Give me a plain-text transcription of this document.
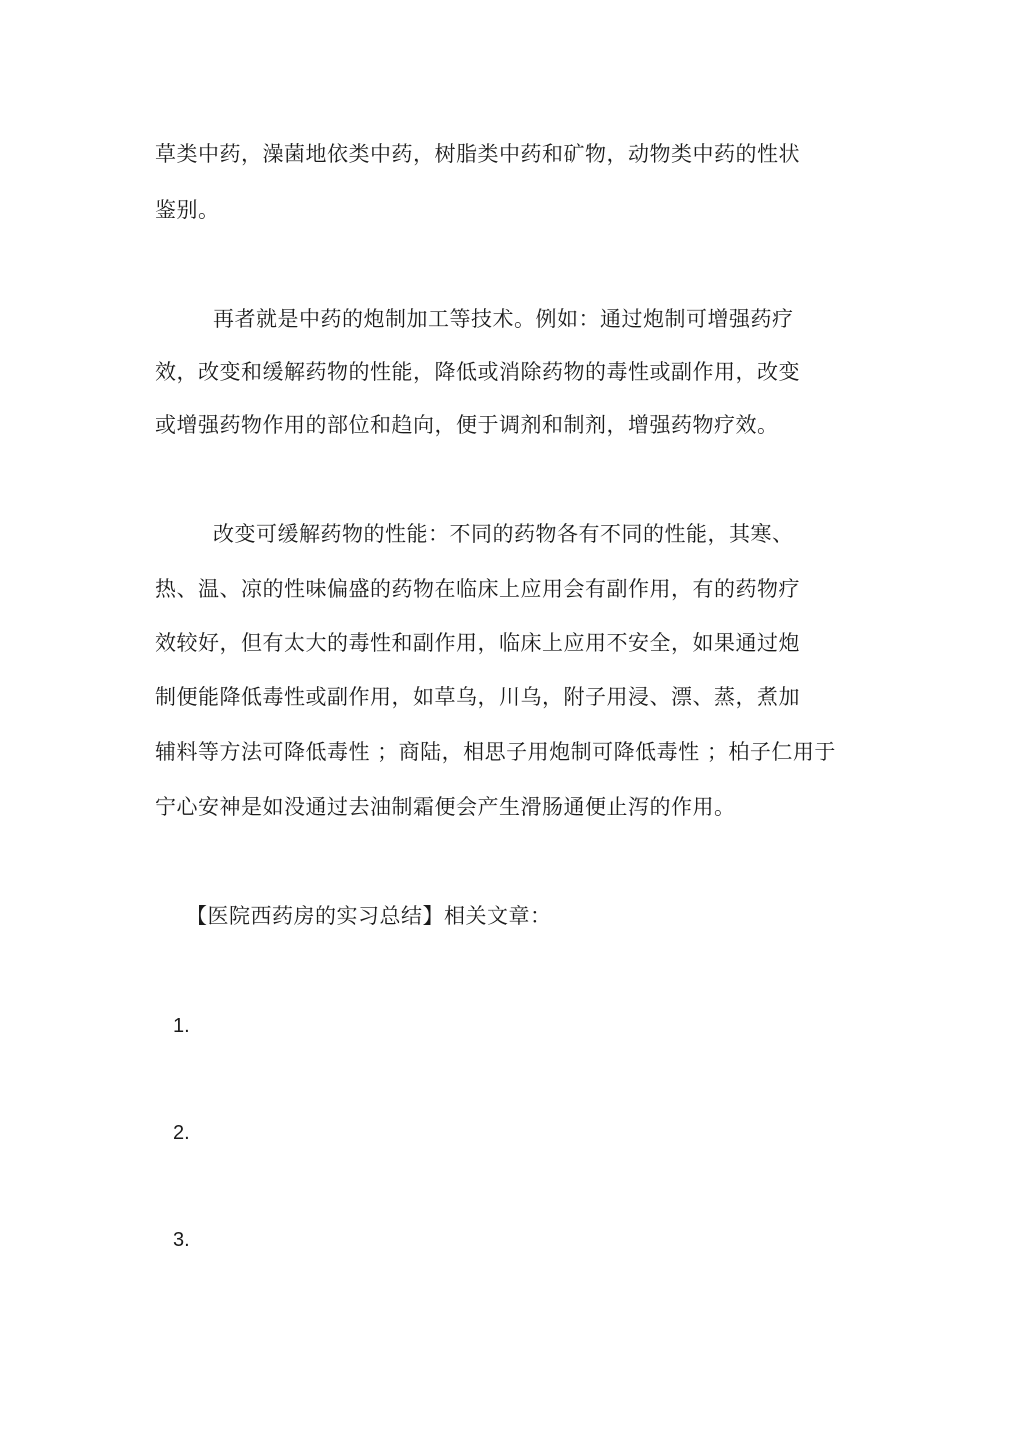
草类中药，澡菌地依类中药，树脂类中药和矿物，动物类中药的性状
鉴别。
再者就是中药的炮制加工等技术。例如：通过炮制可增强药疗
效，改变和缓解药物的性能，降低或消除药物的毒性或副作用，改变
或增强药物作用的部位和趋向，便于调剂和制剂，增强药物疗效。
改变可缓解药物的性能：不同的药物各有不同的性能，其寒、
热、温、凉的性味偏盛的药物在临床上应用会有副作用，有的药物疗
效较好，但有太大的毒性和副作用，临床上应用不安全，如果通过炮
制便能降低毒性或副作用，如草乌，川乌，附子用浸、漂、蒸，煮加
辅料等方法可降低毒性 ；商陆，相思子用炮制可降低毒性 ；柏子仁用于
宁心安神是如没通过去油制霜便会产生滑肠通便止泻的作用。
【医院西药房的实习总结】相关文章：
1.
2.
3.
